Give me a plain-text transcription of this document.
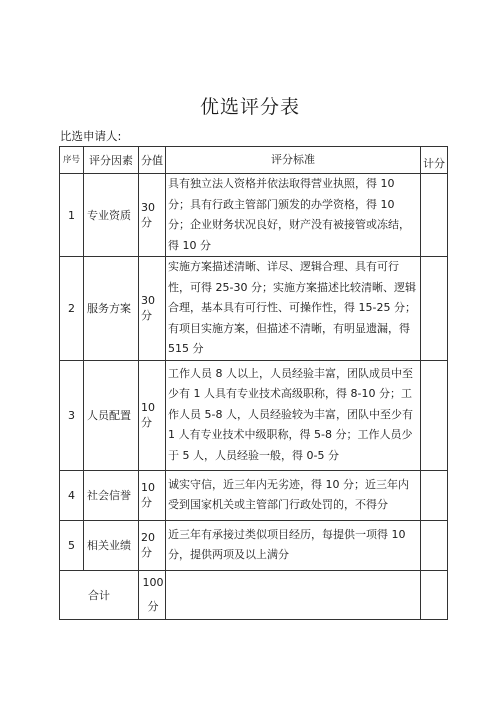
优选评分表
比选申请人:
序号	评分因素	分值	评分标准	计分
1	专业资质	30 分	具有独立法人资格并依法取得营业执照，得 10 分；具有行政主管部门颁发的办学资格，得 10 分；企业财务状况良好，财产没有被接管或冻结，得 10 分	
2	服务方案	30 分	实施方案描述清晰、详尽、逻辑合理、具有可行性，可得 25-30 分；实施方案描述比较清晰、逻辑合理，基本具有可行性、可操作性，得 15-25 分；有项目实施方案，但描述不清晰，有明显遗漏，得 515 分	
3	人员配置	10 分	工作人员 8 人以上，人员经验丰富，团队成员中至少有 1 人具有专业技术高级职称，得 8-10 分；工作人员 5-8 人，人员经验较为丰富，团队中至少有 1 人有专业技术中级职称，得 5-8 分；工作人员少于 5 人，人员经验一般，得 0-5 分	
4	社会信誉	10 分	诚实守信，近三年内无劣迹，得 10 分；近三年内受到国家机关或主管部门行政处罚的，不得分	
5	相关业绩	20 分	近三年有承接过类似项目经历，每提供一项得 10 分，提供两项及以上满分	
合计		100 分		
